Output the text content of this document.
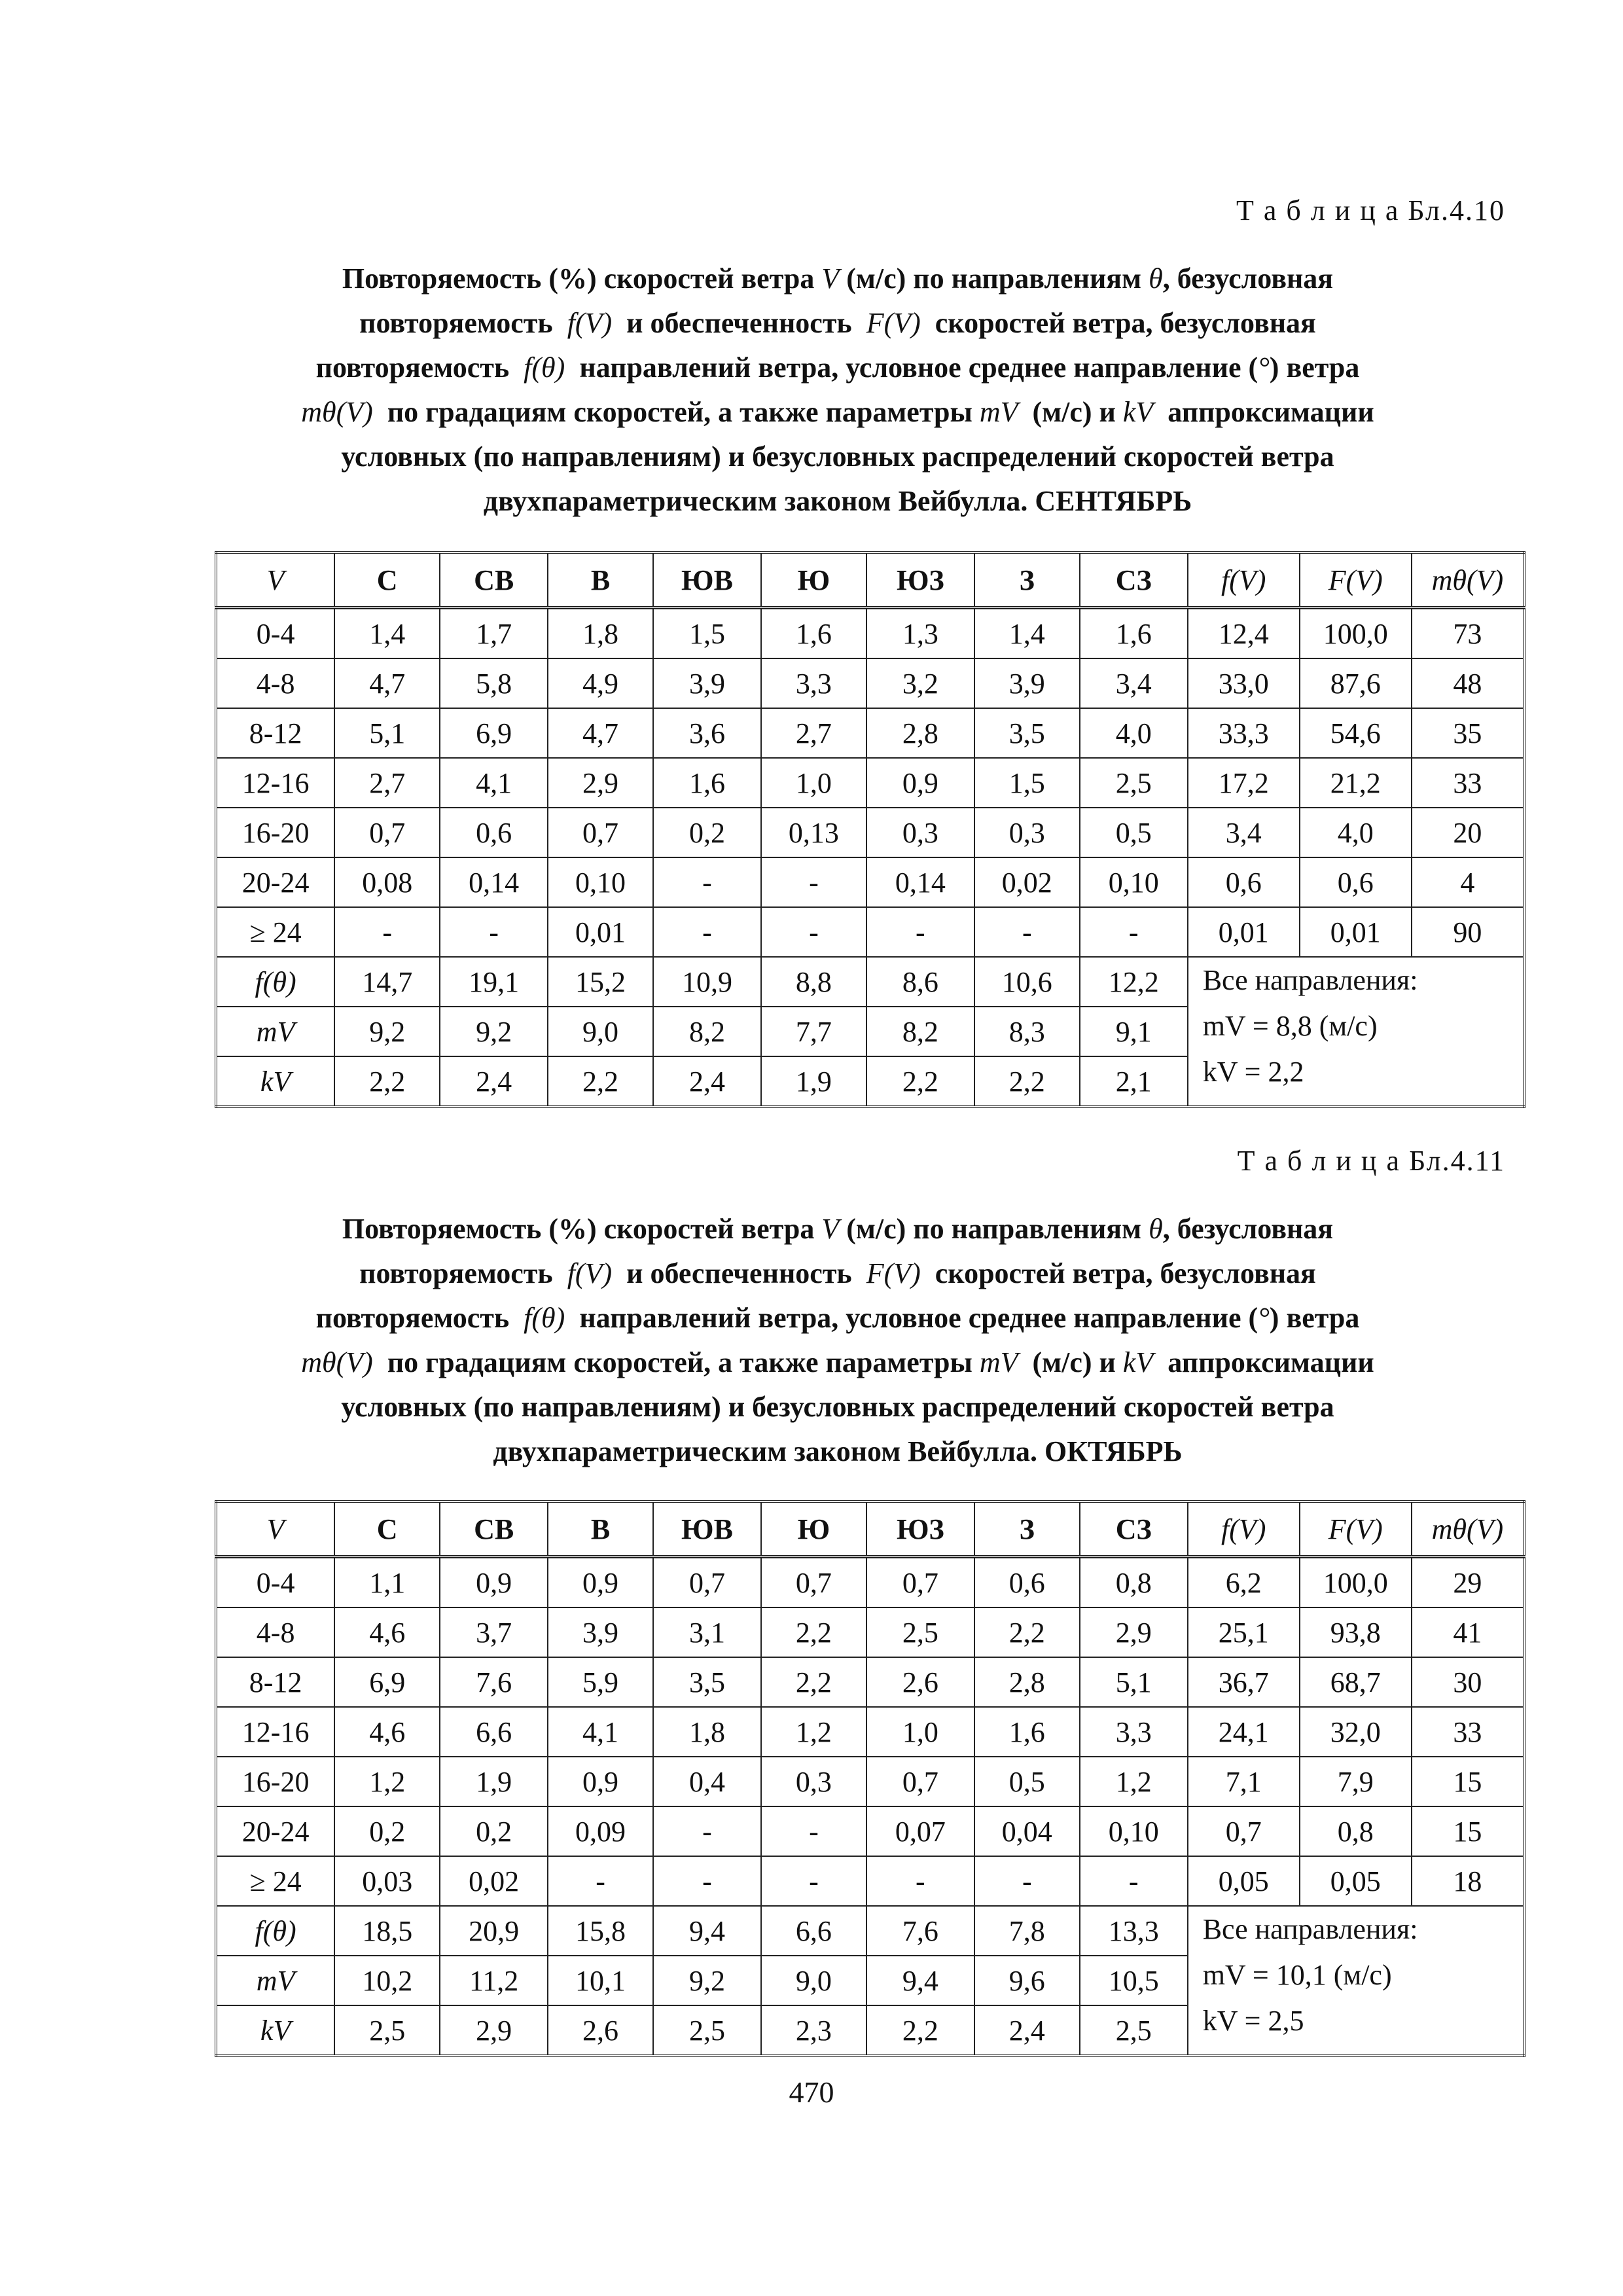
Т а б л и ц а Бл.4.10
Повторяемость (%) скоростей ветра V (м/с) по направлениям θ, безусловная
повторяемость f(V) и обеспеченность F(V) скоростей ветра, безусловная
повторяемость f(θ) направлений ветра, условное среднее направление (°) ветра
mθ(V) по градациям скоростей, а также параметры mV (м/с) и kV аппроксимации
условных (по направлениям) и безусловных распределений скоростей ветра
двухпараметрическим законом Вейбулла. СЕНТЯБРЬ
V	С	СВ	В	ЮВ	Ю	ЮЗ	З	СЗ	f(V)	F(V)	mθ(V)
0-4	1,4	1,7	1,8	1,5	1,6	1,3	1,4	1,6	12,4	100,0	73
4-8	4,7	5,8	4,9	3,9	3,3	3,2	3,9	3,4	33,0	87,6	48
8-12	5,1	6,9	4,7	3,6	2,7	2,8	3,5	4,0	33,3	54,6	35
12-16	2,7	4,1	2,9	1,6	1,0	0,9	1,5	2,5	17,2	21,2	33
16-20	0,7	0,6	0,7	0,2	0,13	0,3	0,3	0,5	3,4	4,0	20
20-24	0,08	0,14	0,10	-	-	0,14	0,02	0,10	0,6	0,6	4
≥ 24	-	-	0,01	-	-	-	-	-	0,01	0,01	90
f(θ)	14,7	19,1	15,2	10,9	8,8	8,6	10,6	12,2	Все направления:
mV = 8,8 (м/с)
kV = 2,2		

mV	9,2	9,2	9,0	8,2	7,7	8,2	8,3	9,1			
kV	2,2	2,4	2,2	2,4	1,9	2,2	2,2	2,1			
Т а б л и ц а Бл.4.11
Повторяемость (%) скоростей ветра V (м/с) по направлениям θ, безусловная
повторяемость f(V) и обеспеченность F(V) скоростей ветра, безусловная
повторяемость f(θ) направлений ветра, условное среднее направление (°) ветра
mθ(V) по градациям скоростей, а также параметры mV (м/с) и kV аппроксимации
условных (по направлениям) и безусловных распределений скоростей ветра
двухпараметрическим законом Вейбулла. ОКТЯБРЬ
V	С	СВ	В	ЮВ	Ю	ЮЗ	З	СЗ	f(V)	F(V)	mθ(V)
0-4	1,1	0,9	0,9	0,7	0,7	0,7	0,6	0,8	6,2	100,0	29
4-8	4,6	3,7	3,9	3,1	2,2	2,5	2,2	2,9	25,1	93,8	41
8-12	6,9	7,6	5,9	3,5	2,2	2,6	2,8	5,1	36,7	68,7	30
12-16	4,6	6,6	4,1	1,8	1,2	1,0	1,6	3,3	24,1	32,0	33
16-20	1,2	1,9	0,9	0,4	0,3	0,7	0,5	1,2	7,1	7,9	15
20-24	0,2	0,2	0,09	-	-	0,07	0,04	0,10	0,7	0,8	15
≥ 24	0,03	0,02	-	-	-	-	-	-	0,05	0,05	18
f(θ)	18,5	20,9	15,8	9,4	6,6	7,6	7,8	13,3	Все направления:
mV = 10,1 (м/с)
kV = 2,5		

mV	10,2	11,2	10,1	9,2	9,0	9,4	9,6	10,5			
kV	2,5	2,9	2,6	2,5	2,3	2,2	2,4	2,5			
470
